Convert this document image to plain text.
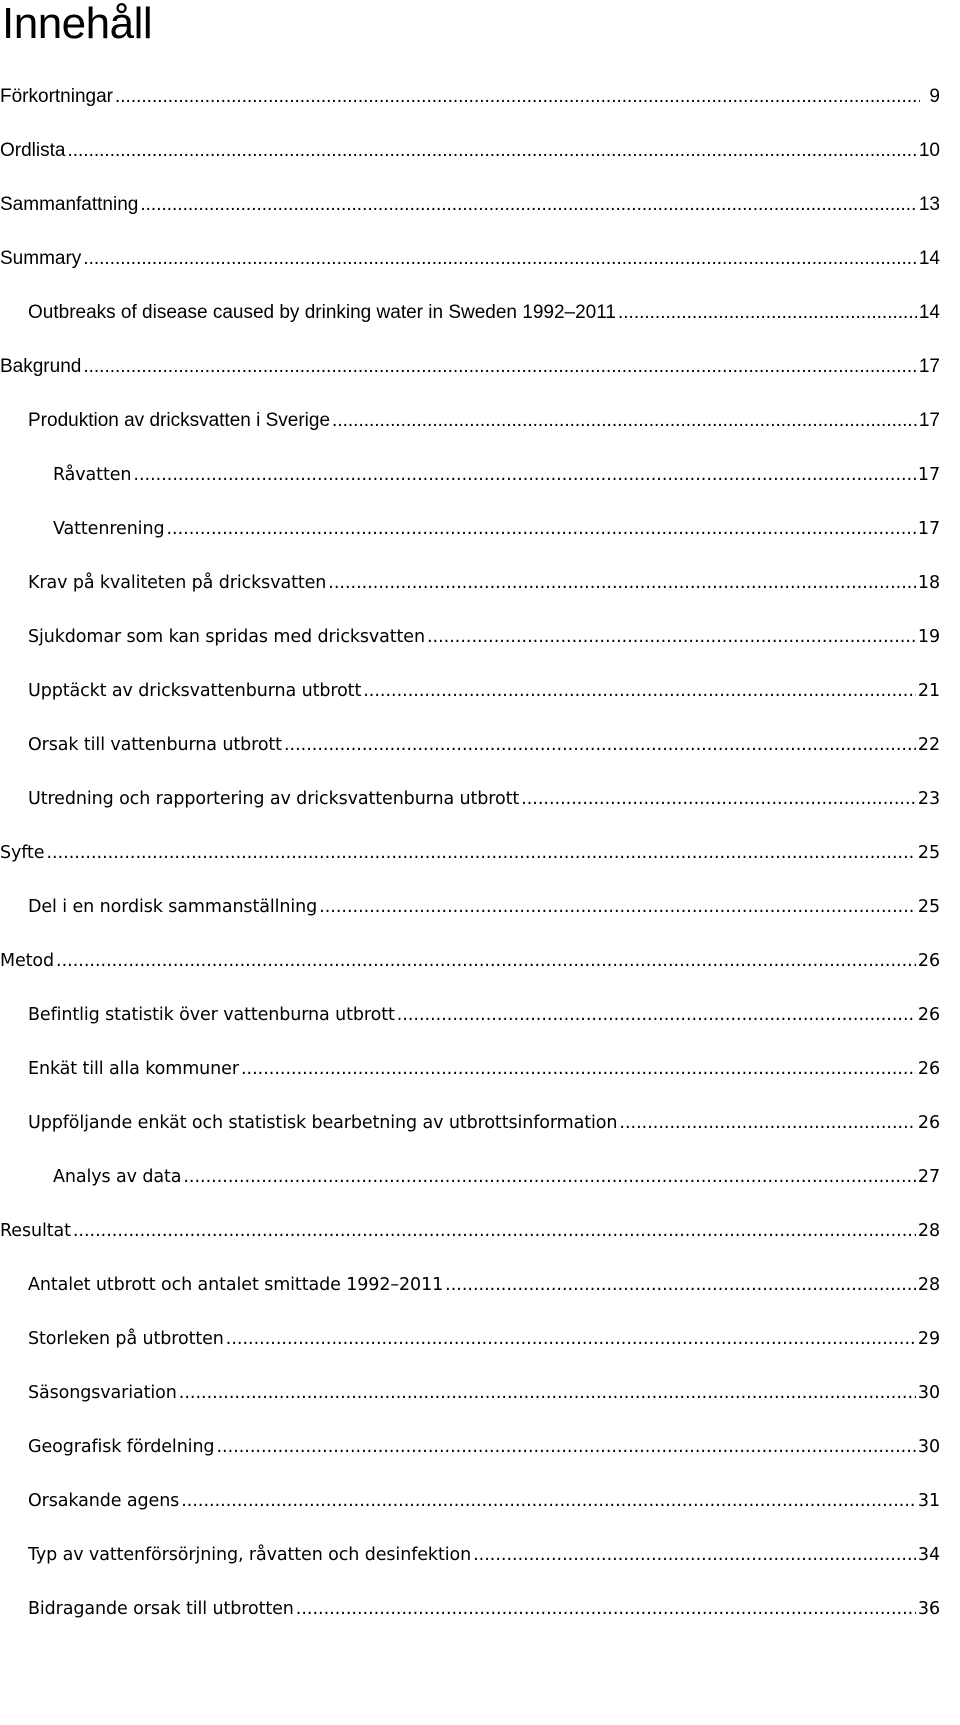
Innehåll
Förkortningar .....	9
Ordlista .....	10
Sammanfattning .....	13
Summary .....	14
Outbreaks of disease caused by drinking water in Sweden 1992–2011 .....	14
Bakgrund .....	17
Produktion av dricksvatten i Sverige .....	17
Råvatten .....	17
Vattenrening .....	17
Krav på kvaliteten på dricksvatten .....	18
Sjukdomar som kan spridas med dricksvatten .....	19
Upptäckt av dricksvattenburna utbrott .....	21
Orsak till vattenburna utbrott .....	22
Utredning och rapportering av dricksvattenburna utbrott .....	23
Syfte .....	25
Del i en nordisk sammanställning .....	25
Metod .....	26
Befintlig statistik över vattenburna utbrott .....	26
Enkät till alla kommuner .....	26
Uppföljande enkät och statistisk bearbetning av utbrottsinformation .....	26
Analys av data .....	27
Resultat .....	28
Antalet utbrott och antalet smittade 1992–2011 .....	28
Storleken på utbrotten .....	29
Säsongsvariation .....	30
Geografisk fördelning .....	30
Orsakande agens .....	31
Typ av vattenförsörjning, råvatten och desinfektion .....	34
Bidragande orsak till utbrotten .....	36
